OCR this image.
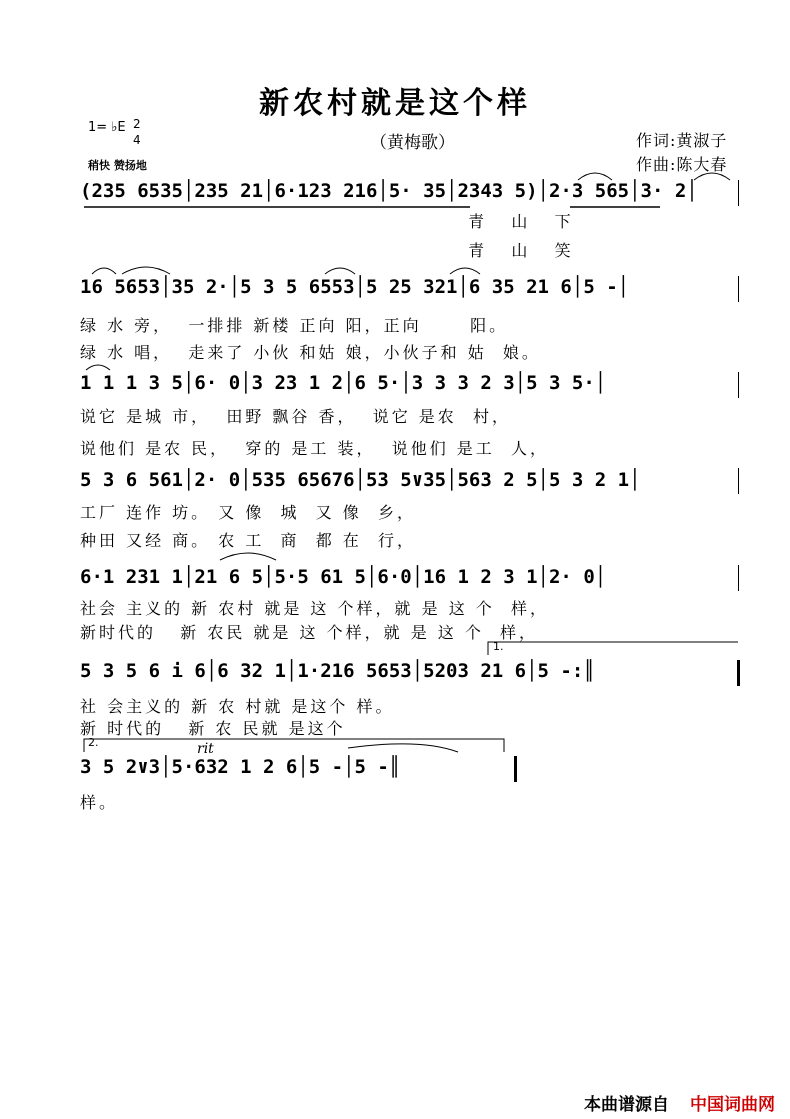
新农村就是这个样
（黄梅歌）	作词:黄淑子
作曲:陈大春
1= ♭E 2
4
稍快 赞扬地
(235 6535│235 21│6·123 216│5· 35│2343 5)│2·3 565│3· 2│
青   山   下
青   山   笑
16 5653│35 2·│5 3 5 6553│5 25 321│6 35 21 6│5 -│
绿 水 旁，  一排排 新楼 正向 阳，正向      阳。
绿 水 唱，  走来了 小伙 和姑 娘，小伙子和 姑  娘。
1 1 1 3 5│6· 0│3 23 1 2│6 5·│3 3 3 2 3│5 3 5·│
说它 是城 市，  田野 飘谷 香，  说它 是农  村，
说他们 是农 民，  穿的 是工 装，  说他们 是工  人，
5 3 6 561│2· 0│535 65676│53 5∨35│563 2 5│5 3 2 1│
工厂 连作 坊。 又 像  城  又 像  乡，
种田 又经 商。 农 工  商  都 在  行，
6·1 231 1│21 6 5│5·5 61 5│6·0│16 1 2 3 1│2· 0│
社会 主义的 新 农村 就是 这 个样，就 是 这 个  样，
新时代的   新 农民 就是 这 个样，就 是 这 个  样，
1.
5 3 5 6 i 6│6 32 1│1·216 5653│5203 21 6│5 -:║
社 会主义的 新 农 村就 是这个 样。
新 时代的   新 农 民就 是这个
2.	rit
3 5 2∨3│5·632 1 2 6│5 -│5 -║
样。
本曲谱源自 中国词曲网
